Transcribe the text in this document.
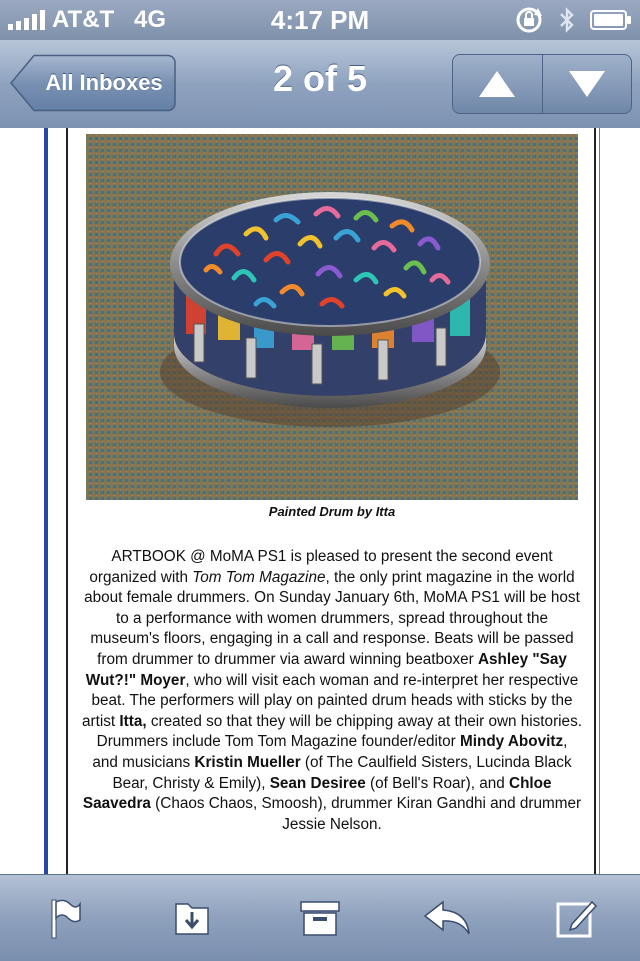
AT&T 4G	4:17 PM
All Inboxes	2 of 5
Painted Drum by Itta

ARTBOOK @ MoMA PS1 is pleased to present the second event organized with Tom Tom Magazine, the only print magazine in the world about female drummers. On Sunday January 6th, MoMA PS1 will be host to a performance with women drummers, spread throughout the museum's floors, engaging in a call and response. Beats will be passed from drummer to drummer via award winning beatboxer Ashley "Say Wut?!" Moyer, who will visit each woman and re-interpret her respective beat. The performers will play on painted drum heads with sticks by the artist Itta, created so that they will be chipping away at their own histories.

Drummers include Tom Tom Magazine founder/editor Mindy Abovitz, and musicians Kristin Mueller (of The Caulfield Sisters, Lucinda Black Bear, Christy & Emily), Sean Desiree (of Bell's Roar), and Chloe Saavedra (Chaos Chaos, Smoosh), drummer Kiran Gandhi and drummer Jessie Nelson.
